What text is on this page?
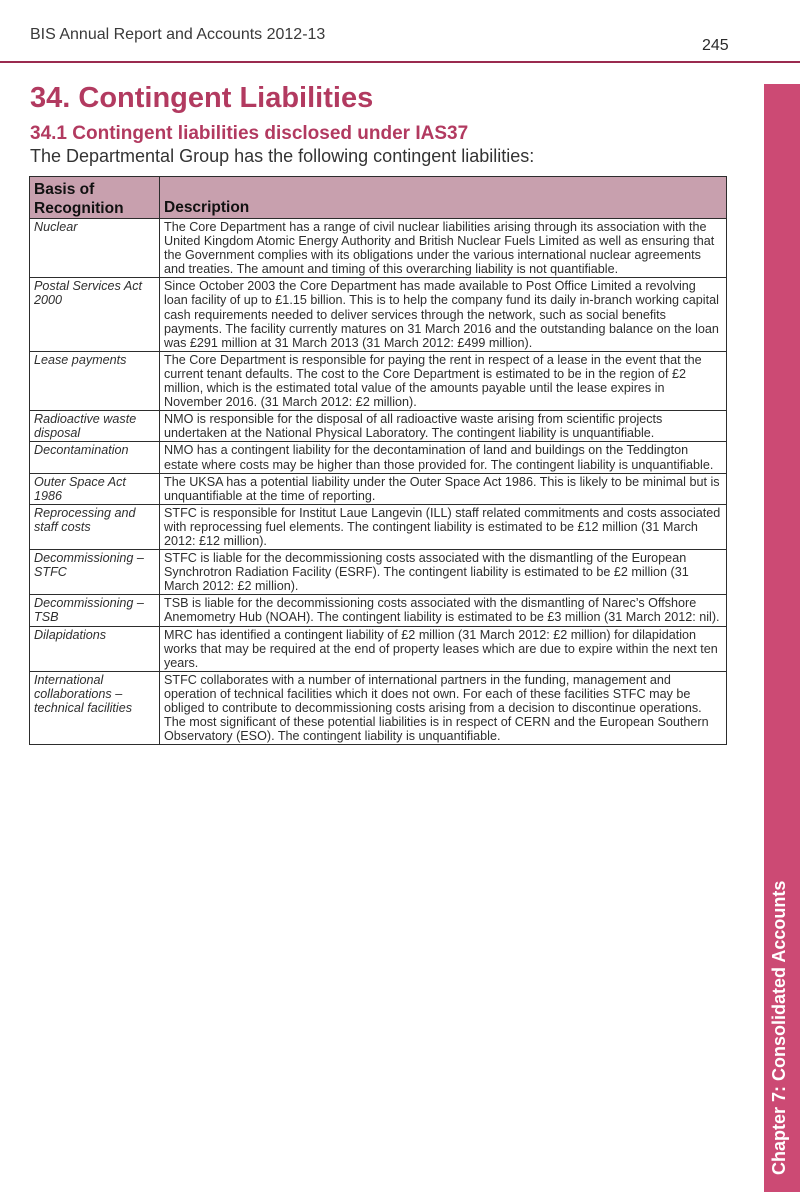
BIS Annual Report and Accounts 2012-13
245
34. Contingent Liabilities
34.1 Contingent liabilities disclosed under IAS37

The Departmental Group has the following contingent liabilities:

Basis of Recognition	Description
Nuclear	The Core Department has a range of civil nuclear liabilities arising through its association with the United Kingdom Atomic Energy Authority and British Nuclear Fuels Limited as well as ensuring that the Government complies with its obligations under the various international nuclear agreements and treaties. The amount and timing of this overarching liability is not quantifiable.
Postal Services Act 2000	Since October 2003 the Core Department has made available to Post Office Limited a revolving loan facility of up to £1.15 billion. This is to help the company fund its daily in-branch working capital cash requirements needed to deliver services through the network, such as social benefits payments. The facility currently matures on 31 March 2016 and the outstanding balance on the loan was £291 million at 31 March 2013 (31 March 2012: £499 million).
Lease payments	The Core Department is responsible for paying the rent in respect of a lease in the event that the current tenant defaults. The cost to the Core Department is estimated to be in the region of £2 million, which is the estimated total value of the amounts payable until the lease expires in November 2016. (31 March 2012: £2 million).
Radioactive waste disposal	NMO is responsible for the disposal of all radioactive waste arising from scientific projects undertaken at the National Physical Laboratory. The contingent liability is unquantifiable.
Decontamination	NMO has a contingent liability for the decontamination of land and buildings on the Teddington estate where costs may be higher than those provided for. The contingent liability is unquantifiable.
Outer Space Act 1986	The UKSA has a potential liability under the Outer Space Act 1986. This is likely to be minimal but is unquantifiable at the time of reporting.
Reprocessing and staff costs	STFC is responsible for Institut Laue Langevin (ILL) staff related commitments and costs associated with reprocessing fuel elements. The contingent liability is estimated to be £12 million (31 March 2012: £12 million).
Decommissioning – STFC	STFC is liable for the decommissioning costs associated with the dismantling of the European Synchrotron Radiation Facility (ESRF). The contingent liability is estimated to be £2 million (31 March 2012: £2 million).
Decommissioning – TSB	TSB is liable for the decommissioning costs associated with the dismantling of Narec’s Offshore Anemometry Hub (NOAH). The contingent liability is estimated to be £3 million (31 March 2012: nil).
Dilapidations	MRC has identified a contingent liability of £2 million (31 March 2012: £2 million) for dilapidation works that may be required at the end of property leases which are due to expire within the next ten years.
International collaborations – technical facilities	STFC collaborates with a number of international partners in the funding, management and operation of technical facilities which it does not own. For each of these facilities STFC may be obliged to contribute to decommissioning costs arising from a decision to discontinue operations. The most significant of these potential liabilities is in respect of CERN and the European Southern Observatory (ESO). The contingent liability is unquantifiable.
Chapter 7: Consolidated Accounts
